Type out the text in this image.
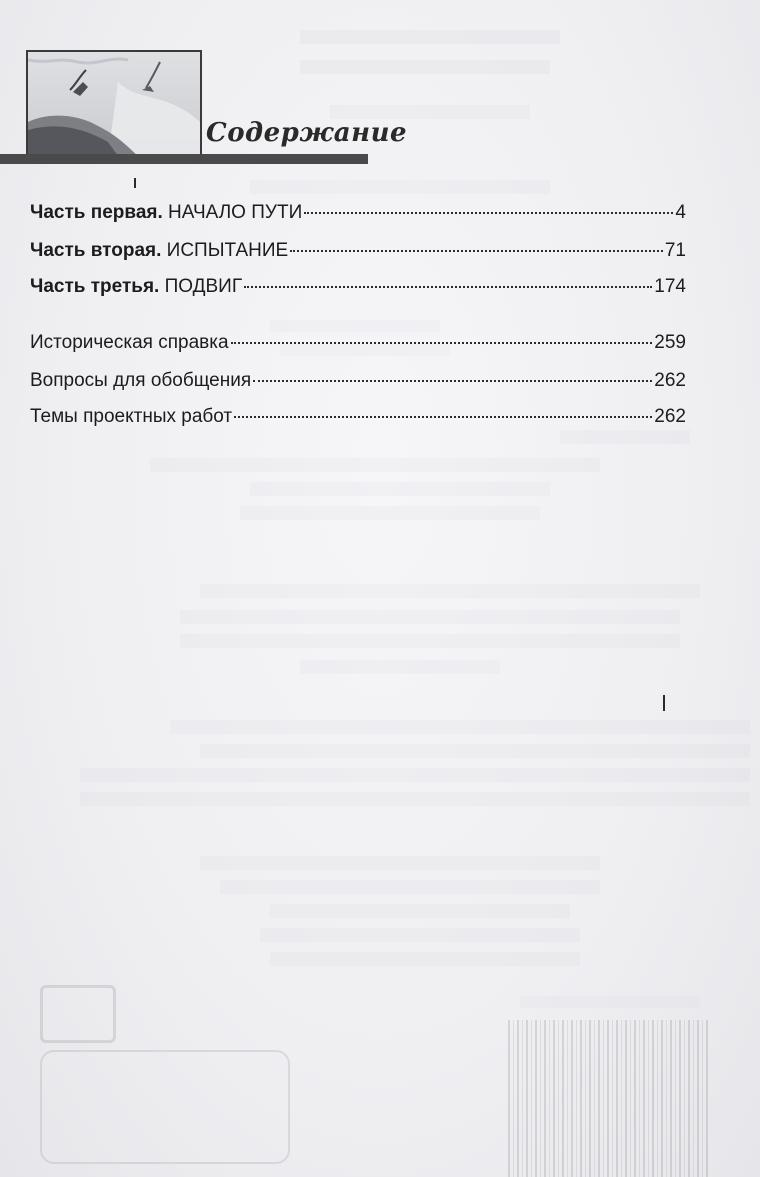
Содержание
Часть первая. НАЧАЛО ПУТИ	4
Часть вторая. ИСПЫТАНИЕ	71
Часть третья. ПОДВИГ	174
Историческая справка	259
Вопросы для обобщения	262
Темы проектных работ	262
